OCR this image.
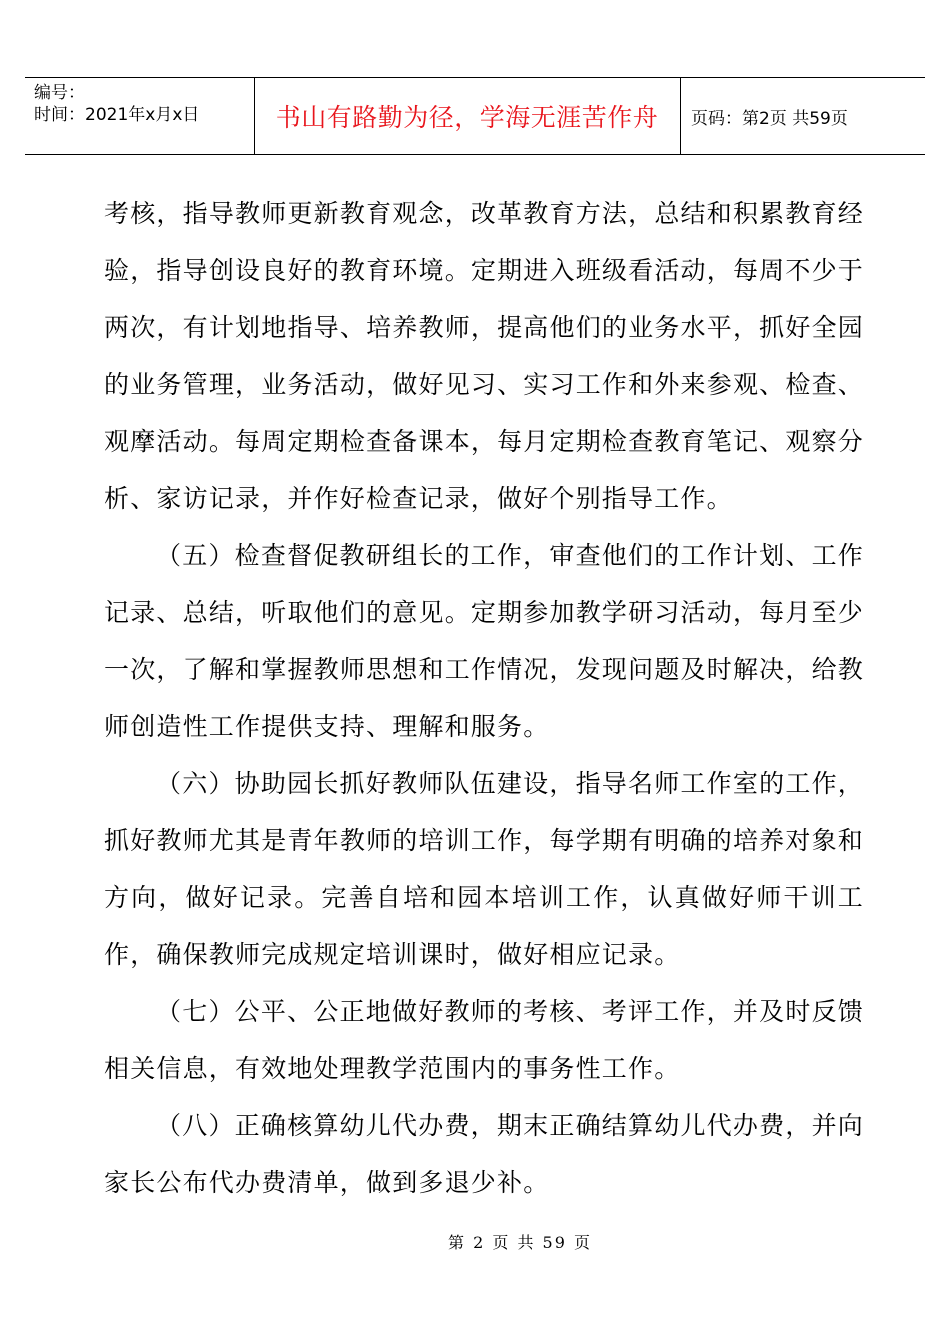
编号：
时间：2021年x月x日	书山有路勤为径，学海无涯苦作舟	页码：第2页 共59页

考核，指导教师更新教育观念，改革教育方法，总结和积累教育经验，指导创设良好的教育环境。定期进入班级看活动，每周不少于两次，有计划地指导、培养教师，提高他们的业务水平，抓好全园的业务管理，业务活动，做好见习、实习工作和外来参观、检查、观摩活动。每周定期检查备课本，每月定期检查教育笔记、观察分析、家访记录，并作好检查记录，做好个别指导工作。

（五）检查督促教研组长的工作，审查他们的工作计划、工作记录、总结，听取他们的意见。定期参加教学研习活动，每月至少一次，了解和掌握教师思想和工作情况，发现问题及时解决，给教师创造性工作提供支持、理解和服务。

（六）协助园长抓好教师队伍建设，指导名师工作室的工作，抓好教师尤其是青年教师的培训工作，每学期有明确的培养对象和方向，做好记录。完善自培和园本培训工作，认真做好师干训工作，确保教师完成规定培训课时，做好相应记录。

（七）公平、公正地做好教师的考核、考评工作，并及时反馈相关信息，有效地处理教学范围内的事务性工作。

（八）正确核算幼儿代办费，期末正确结算幼儿代办费，并向家长公布代办费清单，做到多退少补。

第 2 页 共 59 页
